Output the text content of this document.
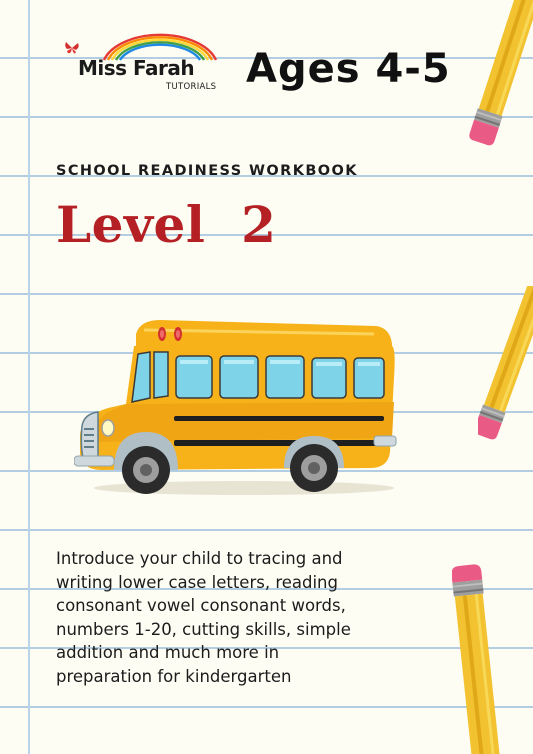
Miss Farah
TUTORIALS Ages 4-5
SCHOOL READINESS WORKBOOK
Level  2
Introduce your child to tracing and
writing lower case letters, reading
consonant vowel consonant words,
numbers 1-20, cutting skills, simple
addition and much more in
preparation for kindergarten
